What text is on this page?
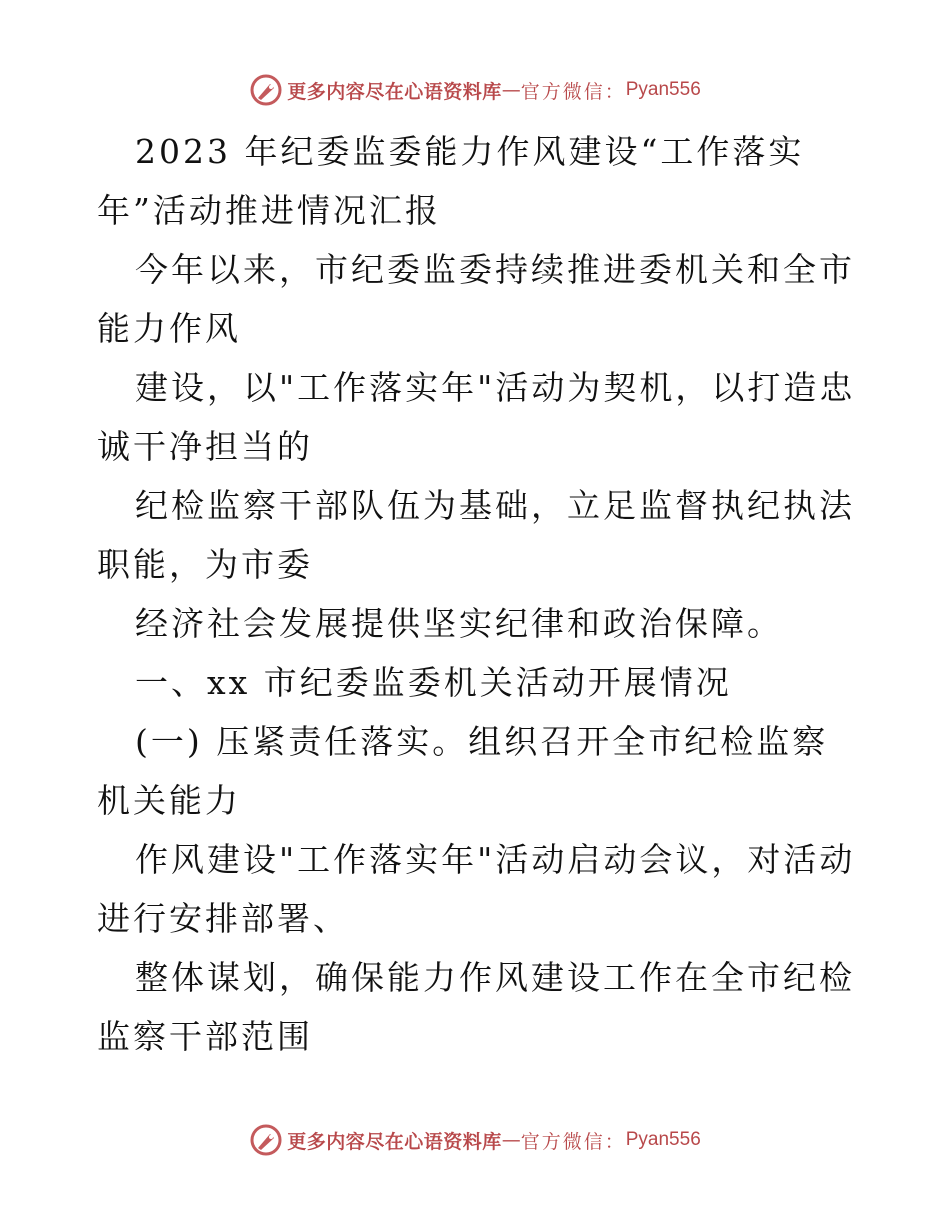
更多内容尽在心语资料库 — 官方微信： Pyan556

2023 年纪委监委能力作风建设“工作落实年”活动推进情况汇报

今年以来，市纪委监委持续推进委机关和全市能力作风

建设，以"工作落实年"活动为契机，以打造忠诚干净担当的

纪检监察干部队伍为基础，立足监督执纪执法职能，为市委

经济社会发展提供坚实纪律和政治保障。

一、xx 市纪委监委机关活动开展情况

(一) 压紧责任落实。组织召开全市纪检监察机关能力

作风建设"工作落实年"活动启动会议，对活动进行安排部署、

整体谋划，确保能力作风建设工作在全市纪检监察干部范围

更多内容尽在心语资料库 — 官方微信： Pyan556
